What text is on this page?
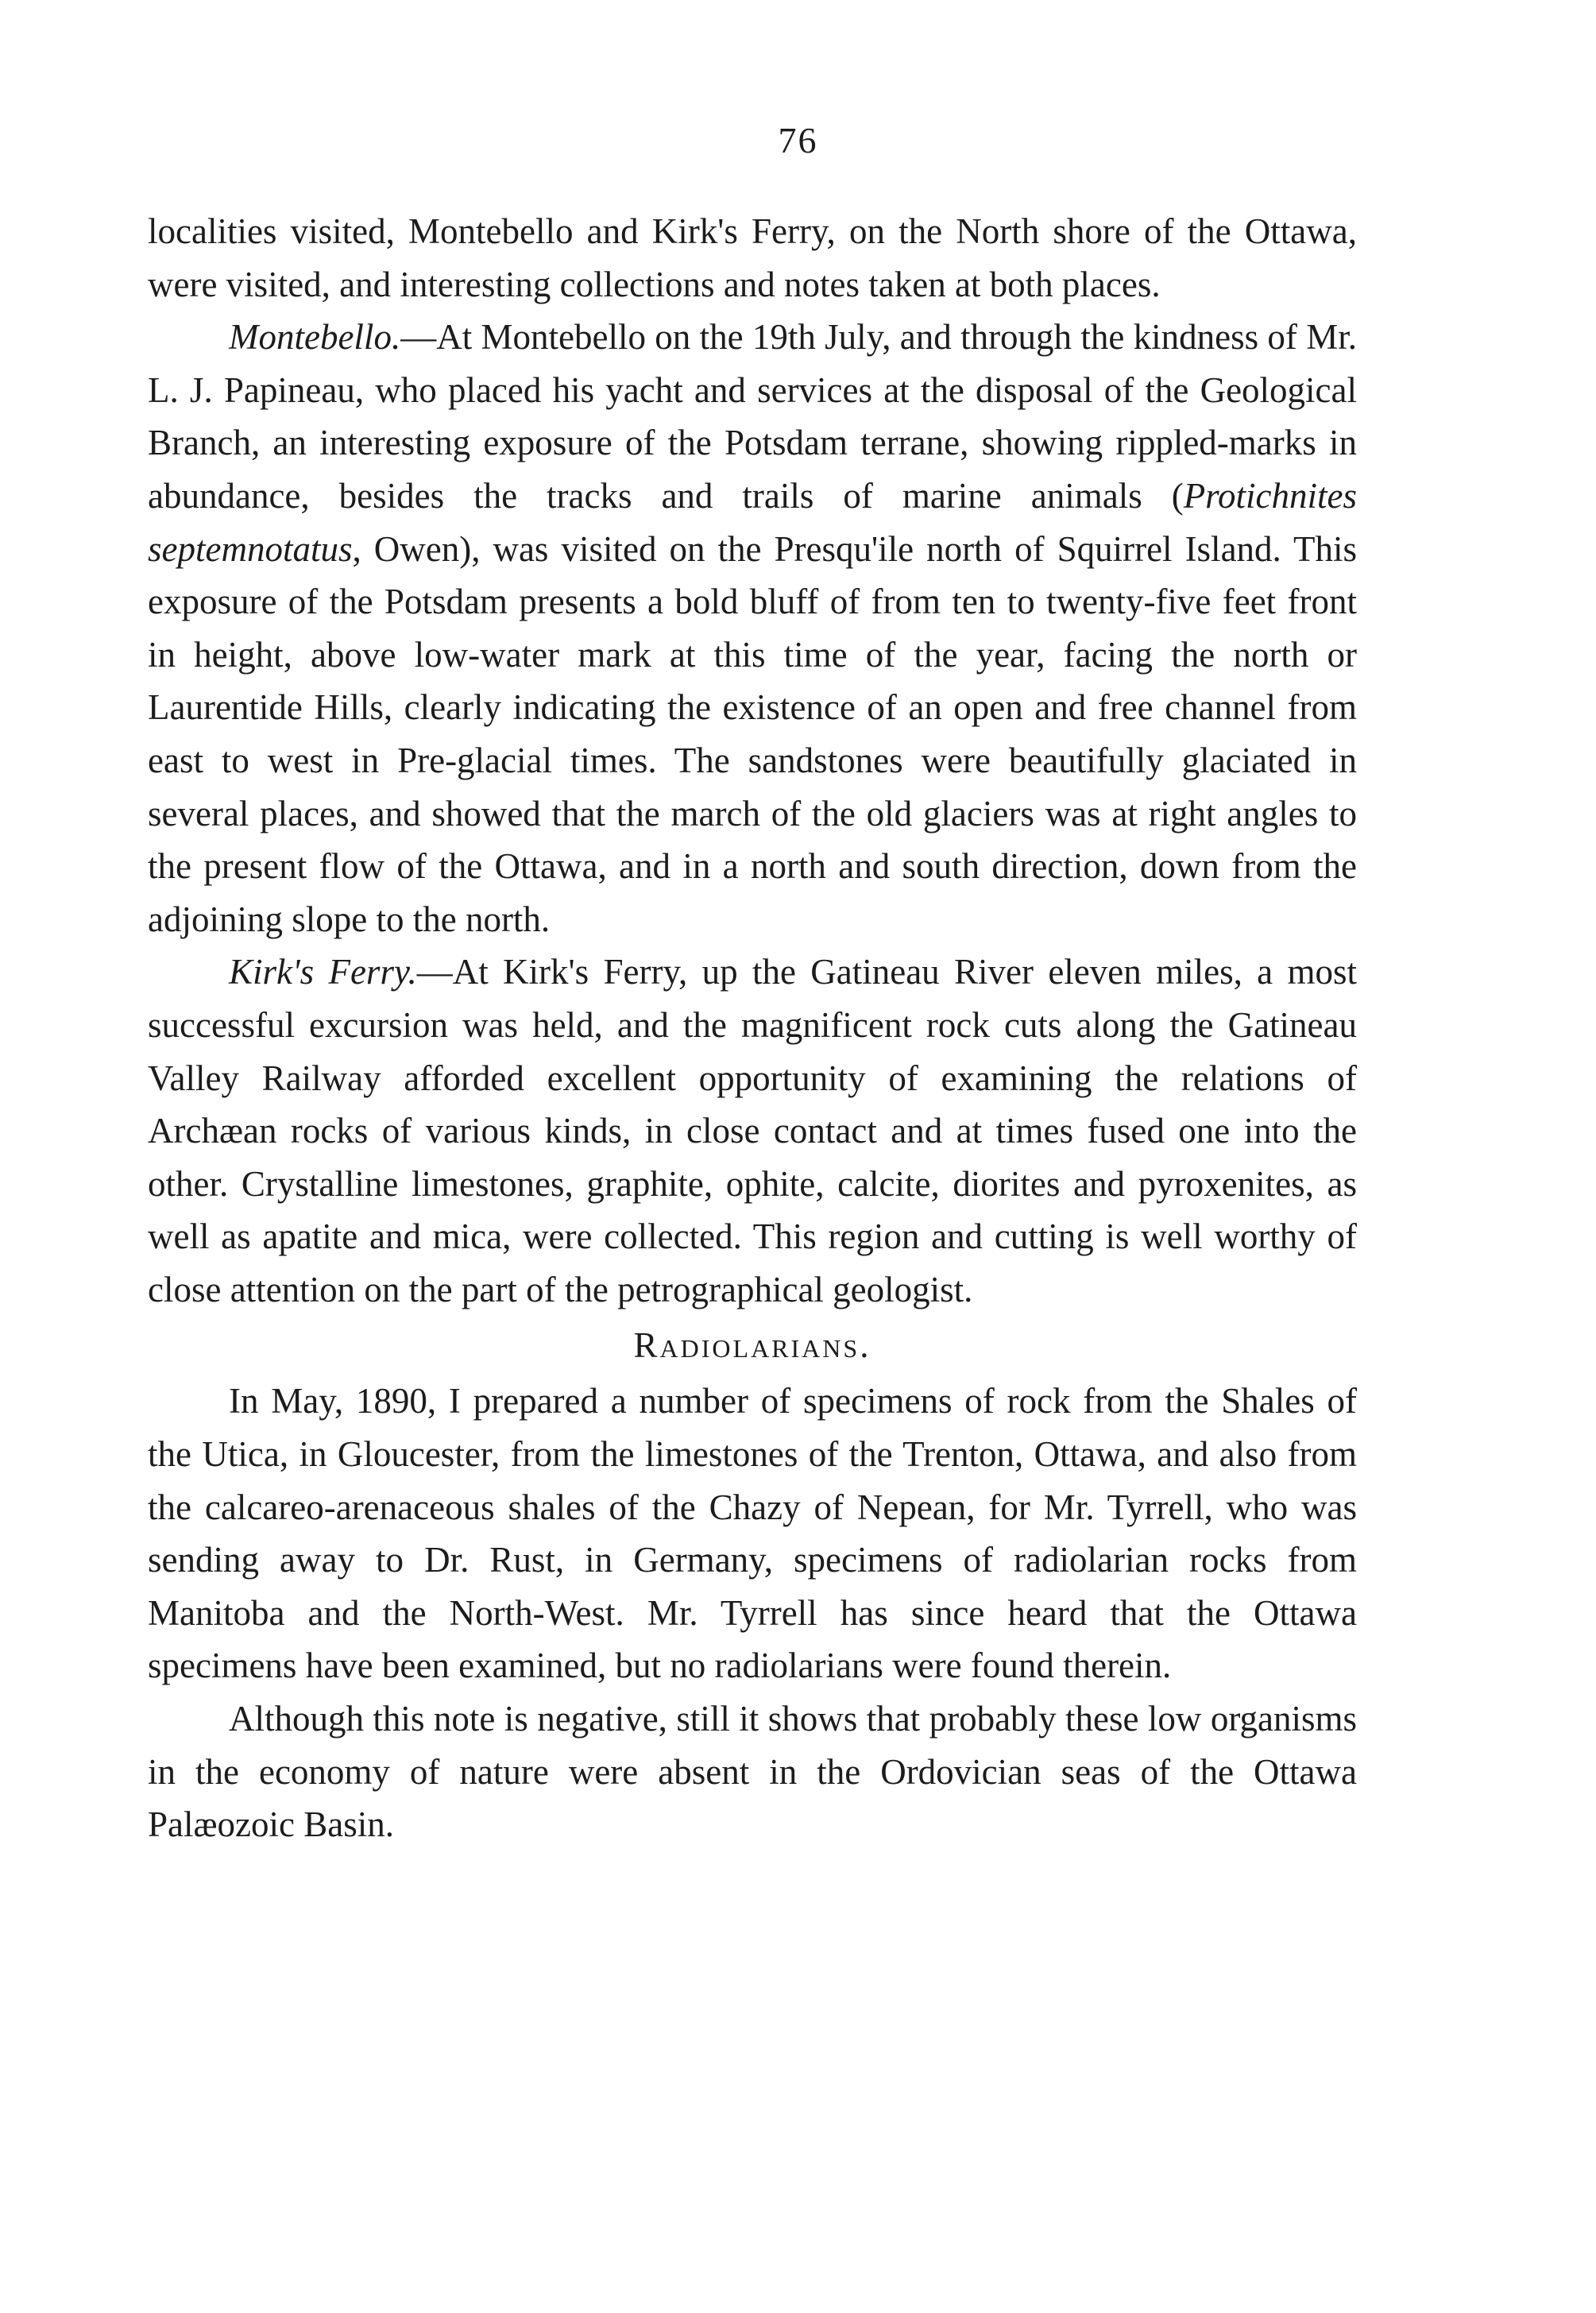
76

localities visited, Montebello and Kirk's Ferry, on the North shore of the Ottawa, were visited, and interesting collections and notes taken at both places.

Montebello.—At Montebello on the 19th July, and through the kindness of Mr. L. J. Papineau, who placed his yacht and services at the disposal of the Geological Branch, an interesting exposure of the Potsdam terrane, showing rippled-marks in abundance, besides the tracks and trails of marine animals (Protichnites septemnotatus, Owen), was visited on the Presqu'ile north of Squirrel Island. This exposure of the Potsdam presents a bold bluff of from ten to twenty-five feet front in height, above low-water mark at this time of the year, facing the north or Laurentide Hills, clearly indicating the existence of an open and free channel from east to west in Pre-glacial times. The sandstones were beautifully glaciated in several places, and showed that the march of the old glaciers was at right angles to the present flow of the Ottawa, and in a north and south direction, down from the adjoining slope to the north.

Kirk's Ferry.—At Kirk's Ferry, up the Gatineau River eleven miles, a most successful excursion was held, and the magnificent rock cuts along the Gatineau Valley Railway afforded excellent opportunity of examining the relations of Archæan rocks of various kinds, in close contact and at times fused one into the other. Crystalline limestones, graphite, ophite, calcite, diorites and pyroxenites, as well as apatite and mica, were collected. This region and cutting is well worthy of close attention on the part of the petrographical geologist.

Radiolarians.

In May, 1890, I prepared a number of specimens of rock from the Shales of the Utica, in Gloucester, from the limestones of the Trenton, Ottawa, and also from the calcareo-arenaceous shales of the Chazy of Nepean, for Mr. Tyrrell, who was sending away to Dr. Rust, in Germany, specimens of radiolarian rocks from Manitoba and the North-West. Mr. Tyrrell has since heard that the Ottawa specimens have been examined, but no radiolarians were found therein.

Although this note is negative, still it shows that probably these low organisms in the economy of nature were absent in the Ordovician seas of the Ottawa Palæozoic Basin.
